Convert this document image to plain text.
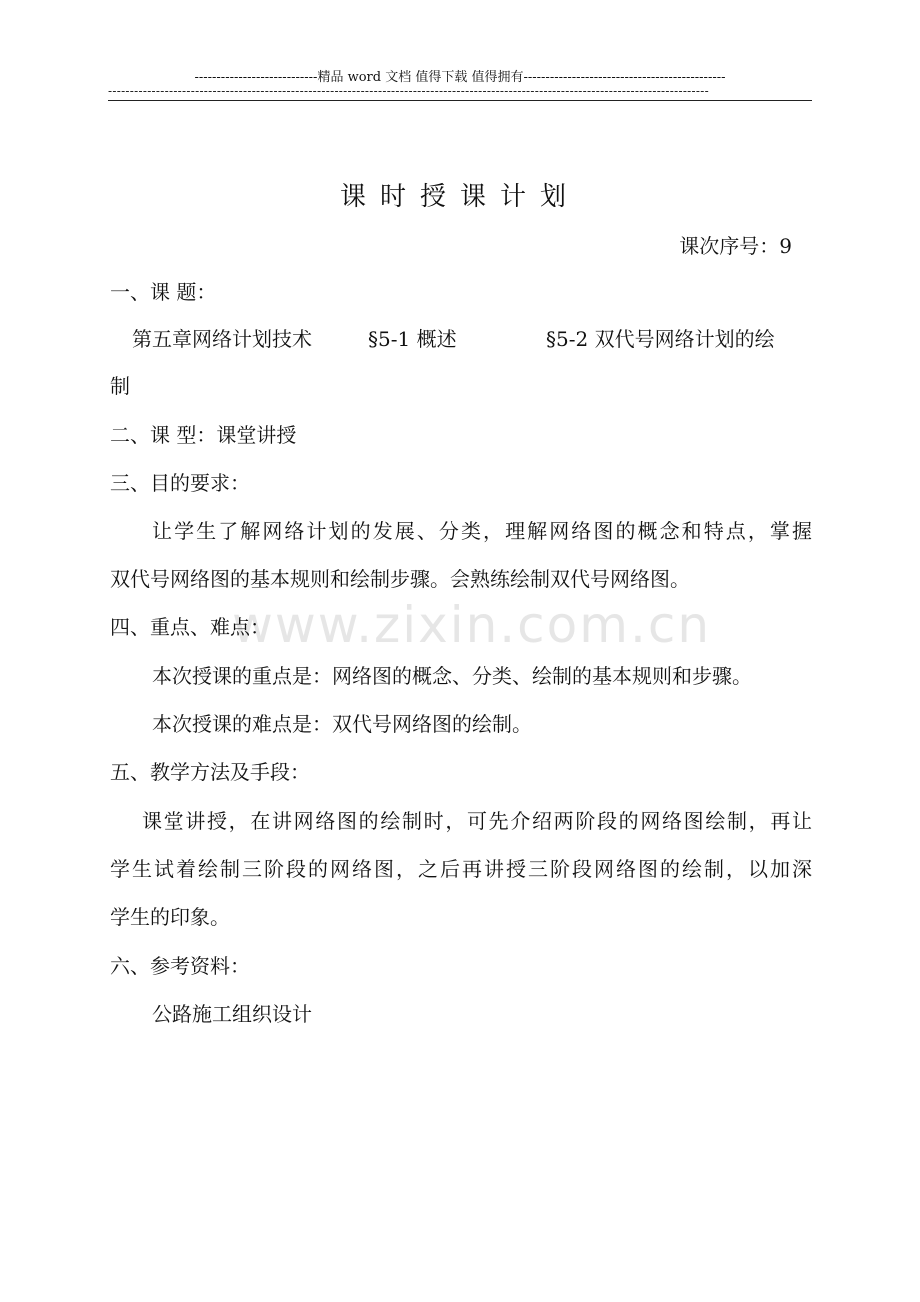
----------------------------精品 word 文档 值得下载 值得拥有----------------------------------------------
------------------------------------------------------------------------------------------------------------------------------------------
www.zixin.com.cn
课时授课计划
课次序号：9
一、课 题：
第五章网络计划技术	§5-1 概述	§5-2 双代号网络计划的绘
制
二、课 型：课堂讲授
三、目的要求：
让学生了解网络计划的发展、分类，理解网络图的概念和特点，掌握
双代号网络图的基本规则和绘制步骤。会熟练绘制双代号网络图。
四、重点、难点：
本次授课的重点是：网络图的概念、分类、绘制的基本规则和步骤。
本次授课的难点是：双代号网络图的绘制。
五、教学方法及手段：
课堂讲授，在讲网络图的绘制时，可先介绍两阶段的网络图绘制，再让
学生试着绘制三阶段的网络图，之后再讲授三阶段网络图的绘制，以加深
学生的印象。
六、参考资料：
公路施工组织设计
